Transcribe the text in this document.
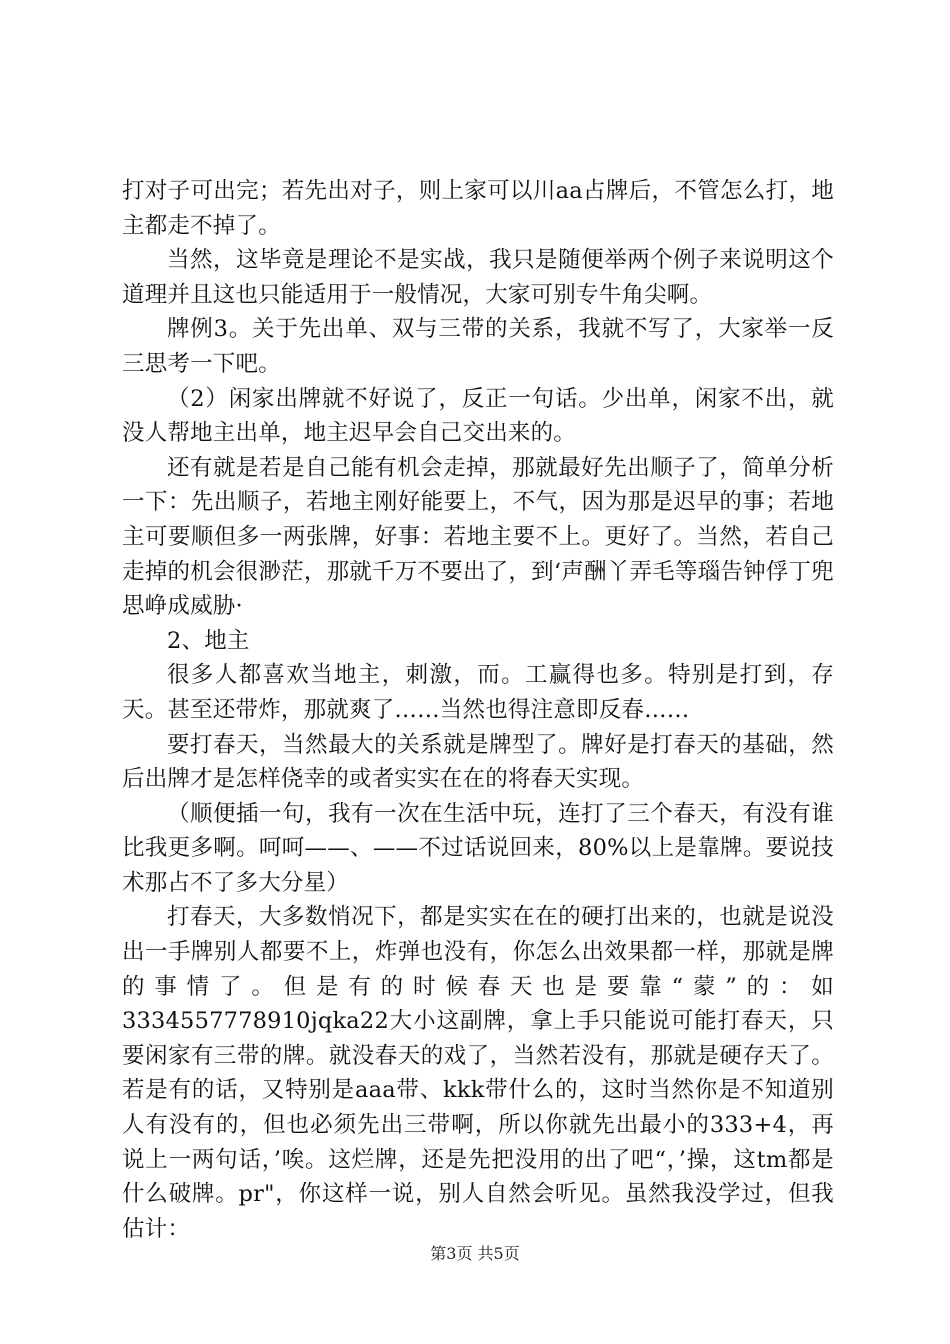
打对子可出完；若先出对子，则上家可以川aa占牌后，不管怎么打，地主都走不掉了。

当然，这毕竟是理论不是实战，我只是随便举两个例子来说明这个道理并且这也只能适用于一般情况，大家可别专牛角尖啊。

牌例3。关于先出单、双与三带的关系，我就不写了，大家举一反三思考一下吧。

（2）闲家出牌就不好说了，反正一句话。少出单，闲家不出，就没人帮地主出单，地主迟早会自己交出来的。

还有就是若是自己能有机会走掉，那就最好先出顺子了，简单分析一下：先出顺子，若地主刚好能要上，不气，因为那是迟早的事；若地主可要顺但多一两张牌，好事：若地主要不上。更好了。当然，若自己走掉的机会很渺茫，那就千万不要出了，到‘声酬丫弄毛等瑙告钟俘丁兜思峥成威胁·

2、地主

很多人都喜欢当地主，刺激，而。工赢得也多。特别是打到，存天。甚至还带炸，那就爽了……当然也得注意即反春……

要打春天，当然最大的关系就是牌型了。牌好是打春天的基础，然后出牌才是怎样侥幸的或者实实在在的将春天实现。

（顺便插一句，我有一次在生活中玩，连打了三个春天，有没有谁比我更多啊。呵呵——、——不过话说回来，80%以上是靠牌。要说技术那占不了多大分星）

打春天，大多数悄况下，都是实实在在的硬打出来的，也就是说没出一手牌别人都要不上，炸弹也没有，你怎么出效果都一样，那就是牌的事情了。但是有的时候春天也是要靠“蒙”的：如3334557778910jqka22大小这副牌，拿上手只能说可能打春天，只要闲家有三带的牌。就没春天的戏了，当然若没有，那就是硬存天了。若是有的话，又特别是aaa带、kkk带什么的，这时当然你是不知道别人有没有的，但也必须先出三带啊，所以你就先出最小的333+4，再说上一两句话，’唉。这烂牌，还是先把没用的出了吧“，’操，这tm都是什么破牌。pr"，你这样一说，别人自然会听见。虽然我没学过，但我估计：

第3页 共5页
